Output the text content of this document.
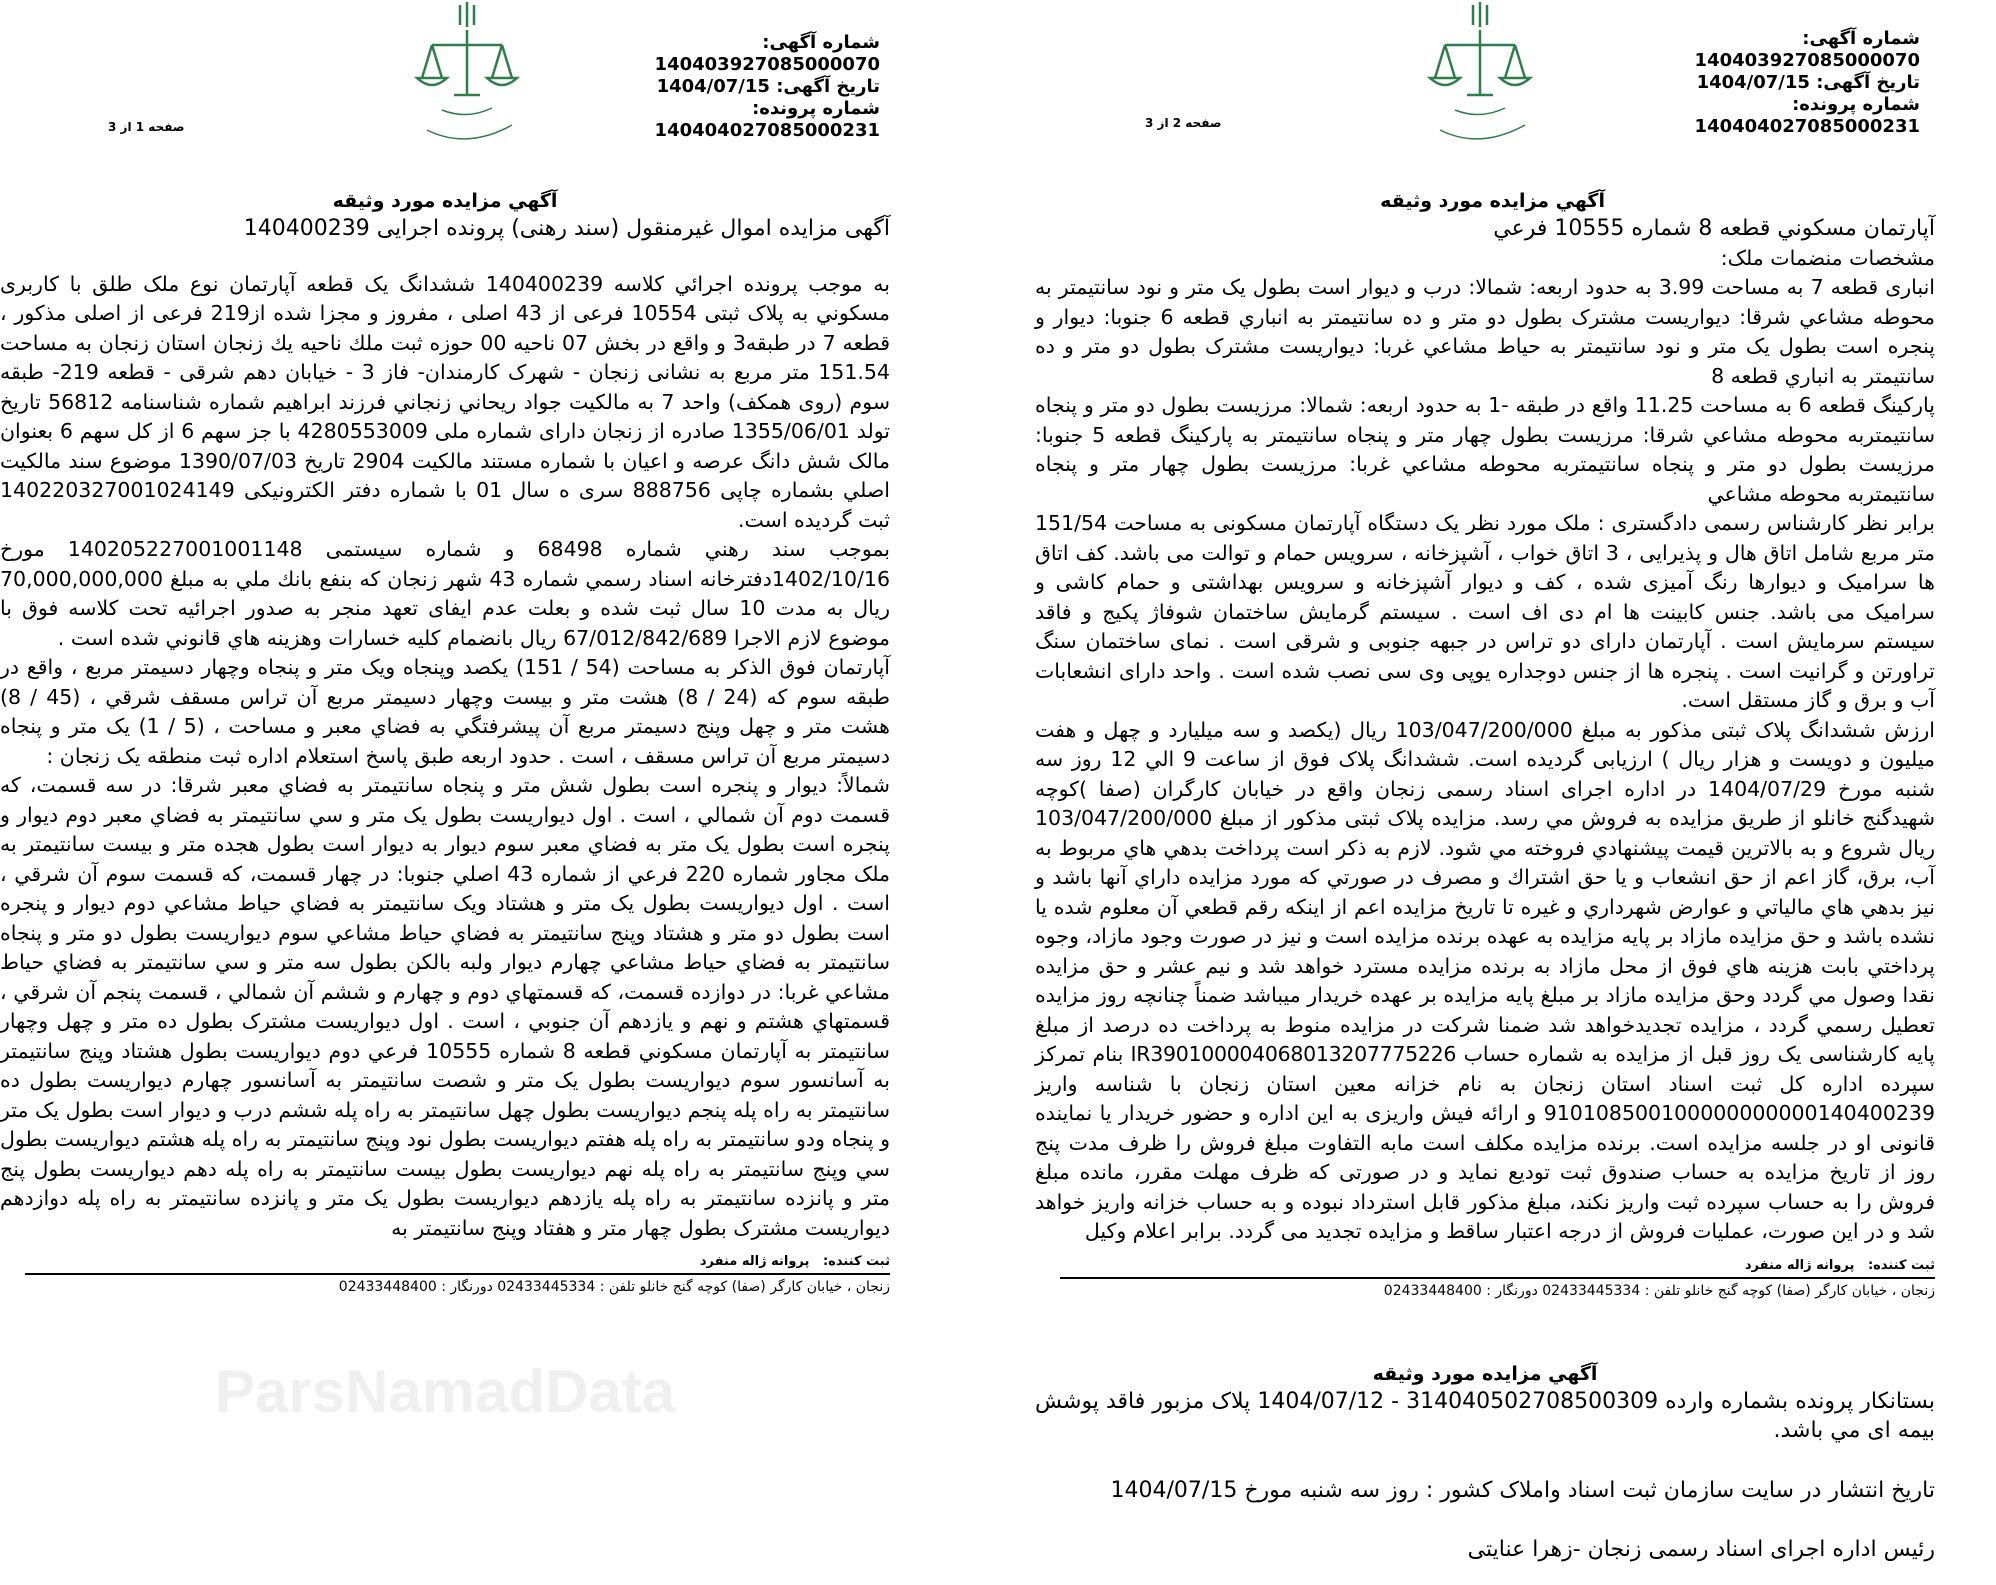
شماره آگهی: 140403927085000070
تاریخ آگهی: 1404/07/15
شماره پرونده: 140404027085000231
صفحه 1 از 3
آگهي مزايده مورد وثيقه
آگهی مزایده اموال غیرمنقول (سند رهنی) پرونده اجرایی 140400239

به موجب پرونده اجرائي كلاسه 140400239 ششدانگ یک قطعه آپارتمان نوع ملک طلق با کاربری مسكوني به پلاک ثبتی 10554 فرعی از 43 اصلی ، مفروز و مجزا شده از219 فرعی از اصلی مذکور ، قطعه 7 در طبقه3 و واقع در بخش 07 ناحيه 00 حوزه ثبت ملك ناحيه يك زنجان استان زنجان به مساحت 151.54 متر مربع به نشانی زنجان - شهرک کارمندان- فاز 3 - خیابان دهم شرقی - قطعه 219- طبقه سوم (روی همکف) واحد 7 به مالکیت جواد ریحاني زنجاني فرزند ابراهیم شماره شناسنامه 56812 تاریخ تولد 1355/06/01 صادره از زنجان دارای شماره ملی 4280553009 با جز سهم 6 از کل سهم 6 بعنوان مالک شش دانگ عرصه و اعیان با شماره مستند مالکیت 2904 تاریخ 1390/07/03 موضوع سند مالکیت اصلي بشماره چاپی 888756 سری ه سال 01 با شماره دفتر الکترونیکی 140220327001024149 ثبت گردیده است.

بموجب سند رهني شماره 68498 و شماره سیستمی 140205227001001148 مورخ 1402/10/16دفترخانه اسناد رسمي شماره 43 شهر زنجان كه بنفع بانك ملي به مبلغ 70,000,000,000 ريال به مدت 10 سال ثبت شده و بعلت عدم ایفای تعهد منجر به صدور اجرائیه تحت كلاسه فوق با موضوع لازم الاجرا 67/012/842/689 ريال بانضمام كليه خسارات وهزينه هاي قانوني شده است .

آپارتمان فوق الذکر به مساحت (54 / 151) یکصد وپنجاه ویک متر و پنجاه وچهار دسیمتر مربع ، واقع در طبقه سوم که (24 / 8) هشت متر و بیست وچهار دسیمتر مربع آن تراس مسقف شرقي ، (45 / 8) هشت متر و چهل وپنج دسیمتر مربع آن پیشرفتگي به فضاي معبر و مساحت ، (5 / 1) یک متر و پنجاه دسیمتر مربع آن تراس مسقف ، است . حدود اربعه طبق پاسخ استعلام اداره ثبت منطقه یک زنجان :

شمالاً: ديوار و پنجره است بطول شش متر و پنجاه سانتيمتر به فضاي معبر شرقا: در سه قسمت، که قسمت دوم آن شمالي ، است . اول ديواريست بطول يک متر و سي سانتيمتر به فضاي معبر دوم ديوار و پنجره است بطول يک متر به فضاي معبر سوم ديوار به ديوار است بطول هجده متر و بيست سانتيمتر به ملک مجاور شماره 220 فرعي از شماره 43 اصلي جنوبا: در چهار قسمت، که قسمت سوم آن شرقي ، است . اول ديواريست بطول يک متر و هشتاد ويک سانتيمتر به فضاي حياط مشاعي دوم ديوار و پنجره است بطول دو متر و هشتاد وپنج سانتيمتر به فضاي حياط مشاعي سوم ديواريست بطول دو متر و پنجاه سانتيمتر به فضاي حياط مشاعي چهارم ديوار ولبه بالکن بطول سه متر و سي سانتيمتر به فضاي حياط مشاعي غربا: در دوازده قسمت، که قسمتهاي دوم و چهارم و ششم آن شمالي ، قسمت پنجم آن شرقي ، قسمتهاي هشتم و نهم و يازدهم آن جنوبي ، است . اول ديواريست مشترک بطول ده متر و چهل وچهار سانتيمتر به آپارتمان مسکوني قطعه 8 شماره 10555 فرعي دوم ديواريست بطول هشتاد وپنج سانتيمتر به آسانسور سوم ديواريست بطول يک متر و شصت سانتيمتر به آسانسور چهارم ديواريست بطول ده سانتيمتر به راه پله پنجم ديواريست بطول چهل سانتيمتر به راه پله ششم درب و ديوار است بطول يک متر و پنجاه ودو سانتيمتر به راه پله هفتم ديواريست بطول نود وپنج سانتيمتر به راه پله هشتم ديواريست بطول سي وپنج سانتيمتر به راه پله نهم ديواريست بطول بيست سانتيمتر به راه پله دهم ديواريست بطول پنج متر و پانزده سانتيمتر به راه پله يازدهم ديواريست بطول يک متر و پانزده سانتيمتر به راه پله دوازدهم ديواريست مشترک بطول چهار متر و هفتاد وپنج سانتيمتر به

ثبت کننده:   پروانه ژاله منفرد
زنجان ، خیابان کارگر (صفا) کوچه گنج خانلو تلفن : 02433445334 دورنگار : 02433448400
ParsNamadData
شماره آگهی: 140403927085000070
تاریخ آگهی: 1404/07/15
شماره پرونده: 140404027085000231
صفحه 2 از 3
آگهي مزايده مورد وثيقه
آپارتمان مسكوني قطعه 8 شماره 10555 فرعي

مشخصات منضمات ملک:

انباری قطعه 7 به مساحت 3.99 به حدود اربعه: شمالا: درب و ديوار است بطول يک متر و نود سانتيمتر به محوطه مشاعي شرقا: ديواريست مشترک بطول دو متر و ده سانتيمتر به انباري قطعه 6 جنوبا: ديوار و پنجره است بطول يک متر و نود سانتيمتر به حياط مشاعي غربا: ديواريست مشترک بطول دو متر و ده سانتيمتر به انباري قطعه 8

پارکينگ قطعه 6 به مساحت 11.25 واقع در طبقه -1 به حدود اربعه: شمالا: مرزيست بطول دو متر و پنجاه سانتيمتربه محوطه مشاعي شرقا: مرزيست بطول چهار متر و پنجاه سانتيمتر به پارکينگ قطعه 5 جنوبا: مرزيست بطول دو متر و پنجاه سانتيمتربه محوطه مشاعي غربا: مرزيست بطول چهار متر و پنجاه سانتيمتربه محوطه مشاعي

برابر نظر کارشناس رسمی دادگستری : ملک مورد نظر یک دستگاه آپارتمان مسکونی به مساحت 151/54 متر مربع شامل اتاق هال و پذیرایی ، 3 اتاق خواب ، آشپزخانه ، سرویس حمام و توالت می باشد. کف اتاق ها سرامیک و دیوارها رنگ آمیزی شده ، کف و دیوار آشپزخانه و سرویس بهداشتی و حمام کاشی و سرامیک می باشد. جنس کابینت ها ام دی اف است . سیستم گرمایش ساختمان شوفاژ پکیج و فاقد سیستم سرمایش است . آپارتمان دارای دو تراس در جبهه جنوبی و شرقی است . نمای ساختمان سنگ تراورتن و گرانیت است . پنجره ها از جنس دوجداره یوپی وی سی نصب شده است . واحد دارای انشعابات آب و برق و گاز مستقل است.

ارزش ششدانگ پلاک ثبتی مذکور به مبلغ 103/047/200/000 ریال (یکصد و سه میلیارد و چهل و هفت میلیون و دویست و هزار ریال ) ارزیابی گردیده است. ششدانگ پلاک فوق از ساعت 9 الي 12 روز سه شنبه مورخ 1404/07/29 در اداره اجرای اسناد رسمی زنجان واقع در خیابان کارگران (صفا )کوچه شهیدگنج خانلو از طريق مزايده به فروش مي رسد. مزايده پلاک ثبتی مذکور از مبلغ 103/047/200/000 ريال شروع و به بالاترين قيمت پيشنهادي فروخته مي شود. لازم به ذکر است پرداخت بدهي هاي مربوط به آب، برق، گاز اعم از حق انشعاب و يا حق اشتراك و مصرف در صورتي كه مورد مزايده داراي آنها باشد و نيز بدهي هاي مالياتي و عوارض شهرداري و غيره تا تاريخ مزايده اعم از اينكه رقم قطعي آن معلوم شده يا نشده باشد و حق مزايده مازاد بر پایه مزايده به عهده برنده مزايده است و نيز در صورت وجود مازاد، وجوه پرداختي بابت هزينه هاي فوق از محل مازاد به برنده مزايده مسترد خواهد شد و نيم عشر و حق مزايده نقدا وصول مي گردد وحق مزایده مازاد بر مبلغ پایه مزایده بر عهده خریدار میباشد ضمناً چنانچه روز مزايده تعطيل رسمي گردد ، مزايده تجديدخواهد شد ضمنا شرکت در مزایده منوط به پرداخت ده درصد از مبلغ پایه کارشناسی یک روز قبل از مزایده به شماره حساب IR390100004068013207775226 بنام تمرکز سپرده اداره کل ثبت اسناد استان زنجان به نام خزانه معین استان زنجان با شناسه واریز 910108500100000000000140400239 و ارائه فیش واریزی به این اداره و حضور خریدار یا نماینده قانونی او در جلسه مزایده است. برنده مزایده مکلف است مابه التفاوت مبلغ فروش را ظرف مدت پنج روز از تاریخ مزایده به حساب صندوق ثبت تودیع نماید و در صورتی که ظرف مهلت مقرر، مانده مبلغ فروش را به حساب سپرده ثبت واریز نکند، مبلغ مذکور قابل استرداد نبوده و به حساب خزانه واریز خواهد شد و در این صورت، عملیات فروش از درجه اعتبار ساقط و مزایده تجدید می گردد. برابر اعلام وکیل

ثبت کننده:   پروانه ژاله منفرد
زنجان ، خیابان کارگر (صفا) کوچه گنج خانلو تلفن : 02433445334 دورنگار : 02433448400
آگهي مزايده مورد وثيقه
بستانکار پرونده بشماره وارده 14040502708500309‏3 - 1404/07/12 پلاک مزبور فاقد پوشش بیمه ای مي باشد.
تاریخ انتشار در سایت سازمان ثبت اسناد واملاک کشور : روز سه شنبه مورخ 1404/07/15
رئیس اداره اجرای اسناد رسمی زنجان -زهرا عنایتی
